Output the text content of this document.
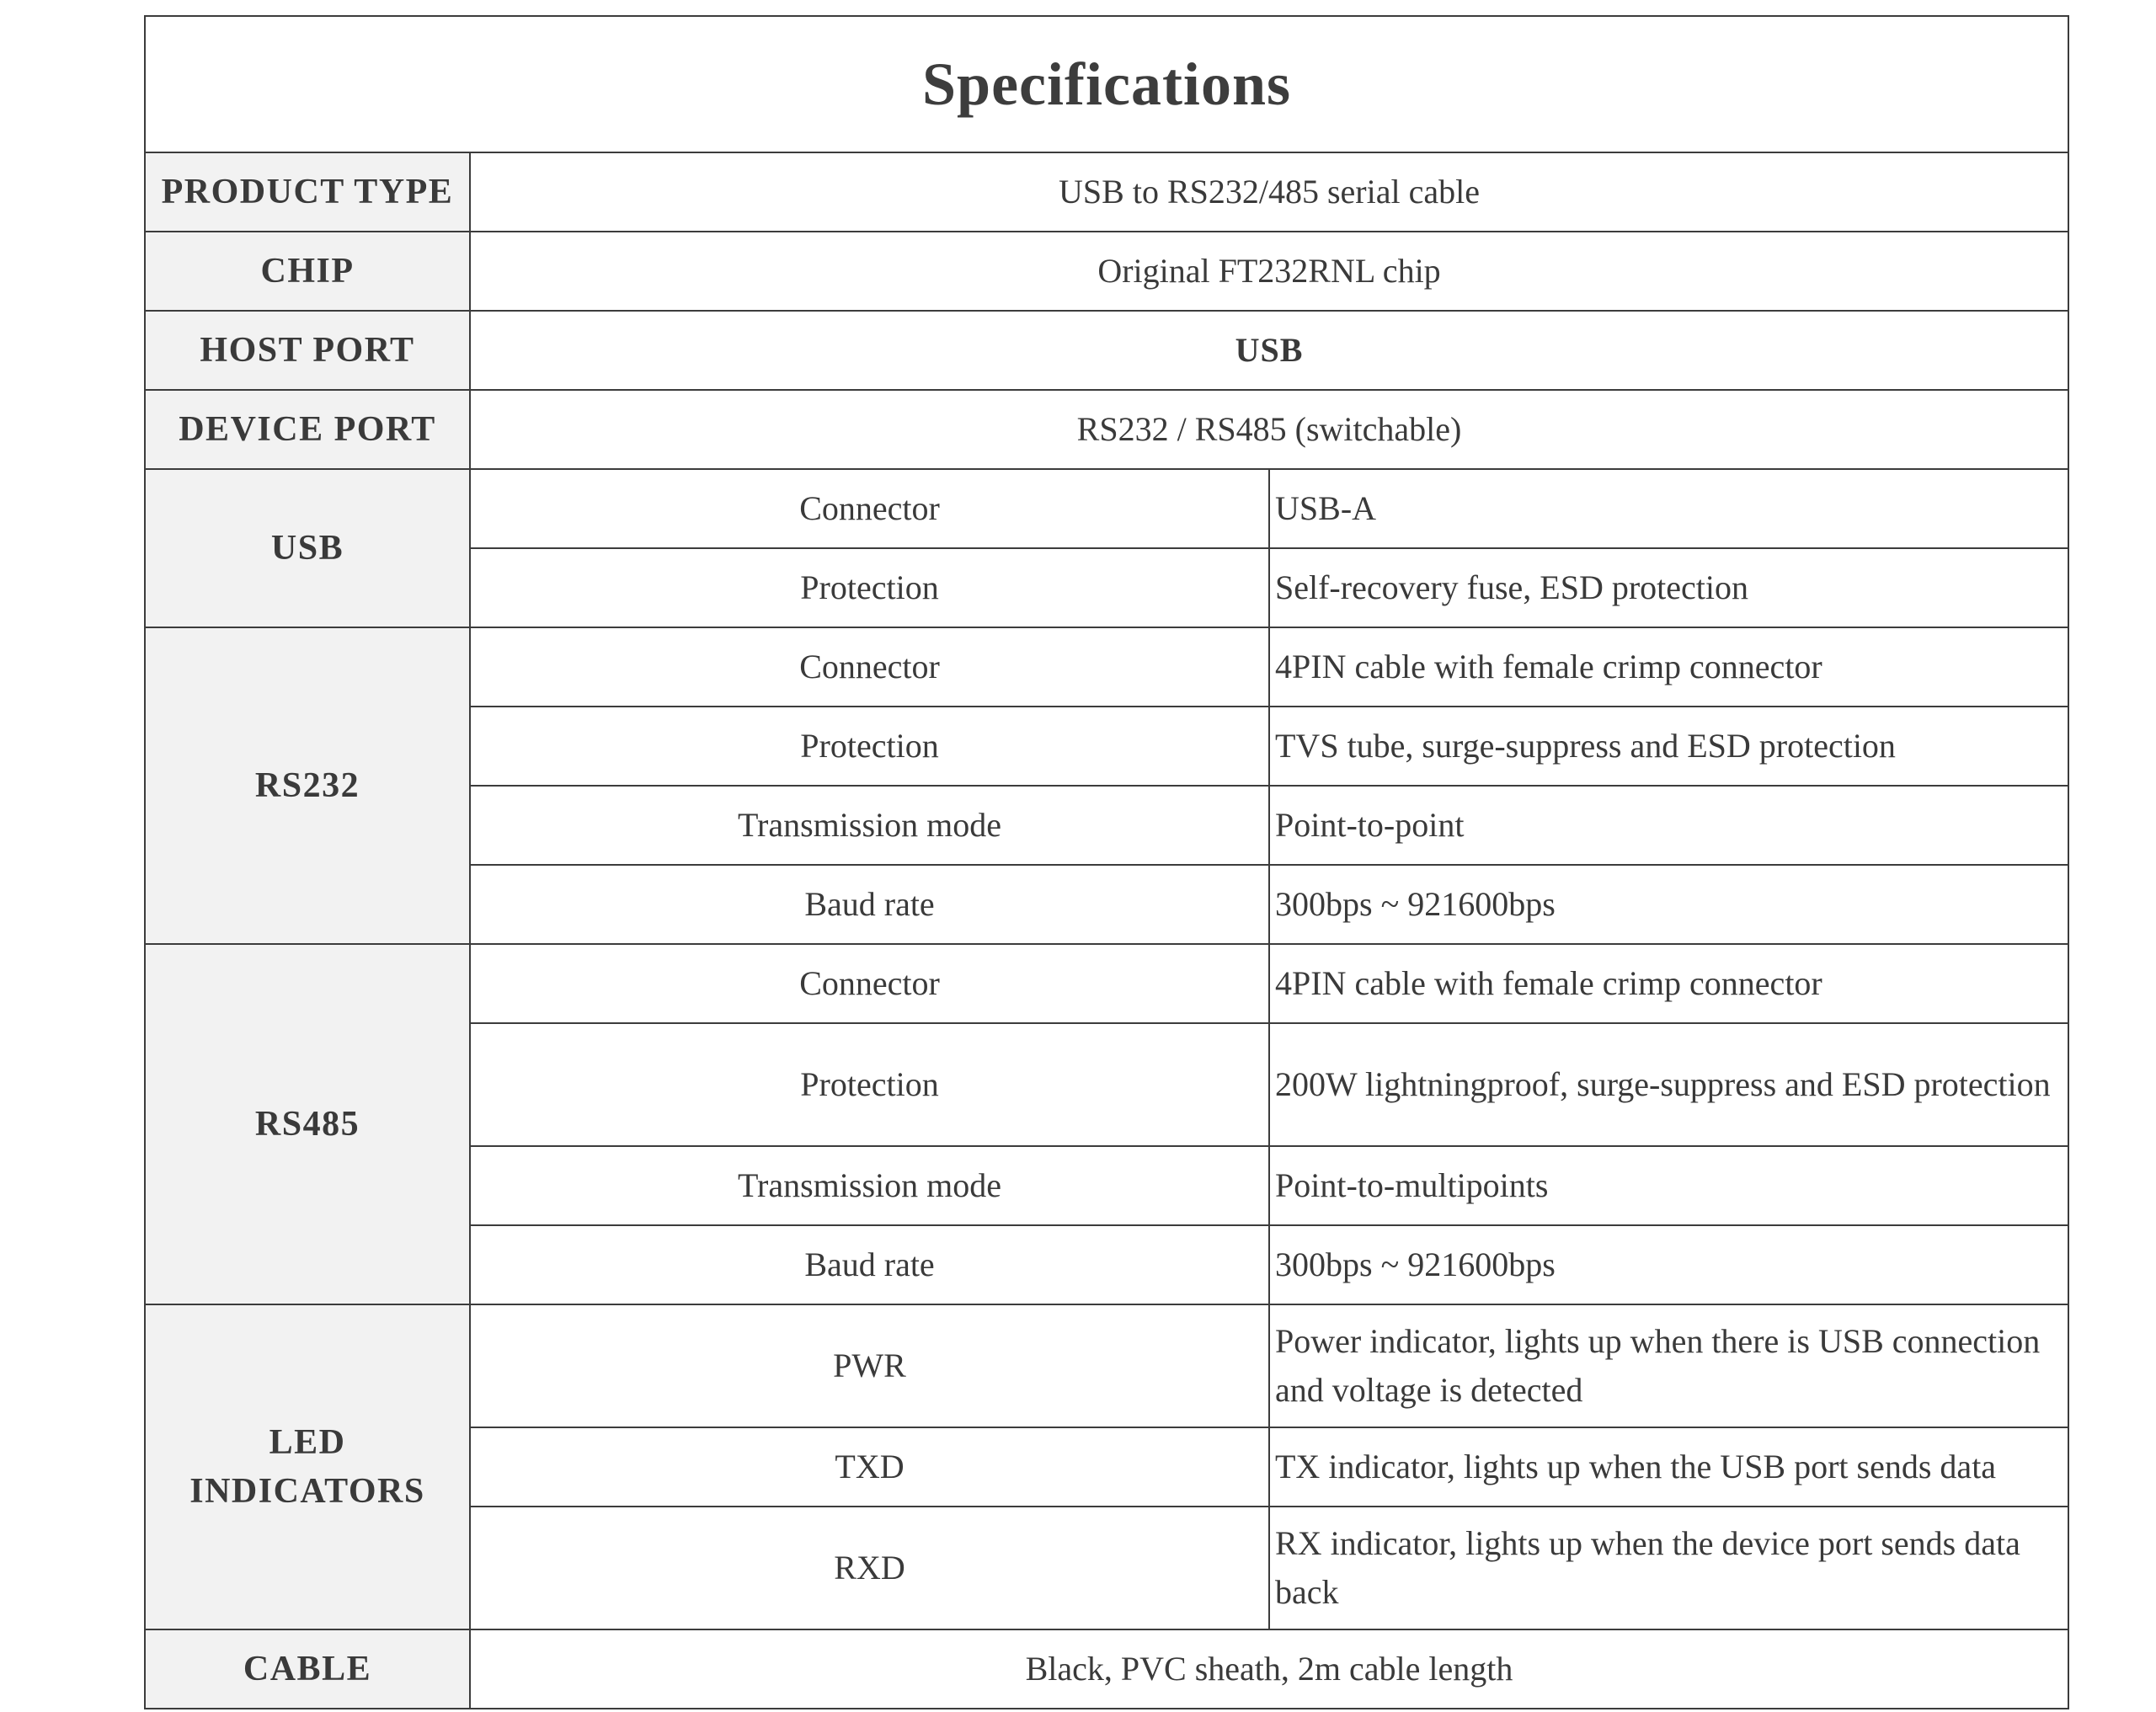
Specifications		
PRODUCT TYPE	USB to RS232/485 serial cable	
CHIP	Original FT232RNL chip	
HOST PORT	USB	
DEVICE PORT	RS232 / RS485 (switchable)	
USB	Connector	USB-A
	Protection	Self-recovery fuse, ESD protection
RS232	Connector	4PIN cable with female crimp connector
	Protection	TVS tube, surge-suppress and ESD protection
	Transmission mode	Point-to-point
	Baud rate	300bps ~ 921600bps
RS485	Connector	4PIN cable with female crimp connector
	Protection	200W lightningproof, surge-suppress and ESD protection
	Transmission mode	Point-to-multipoints
	Baud rate	300bps ~ 921600bps
LED INDICATORS	PWR	Power indicator, lights up when there is USB connection and voltage is detected
	TXD	TX indicator, lights up when the USB port sends data
	RXD	RX indicator, lights up when the device port sends data back
CABLE	Black, PVC sheath, 2m cable length	
